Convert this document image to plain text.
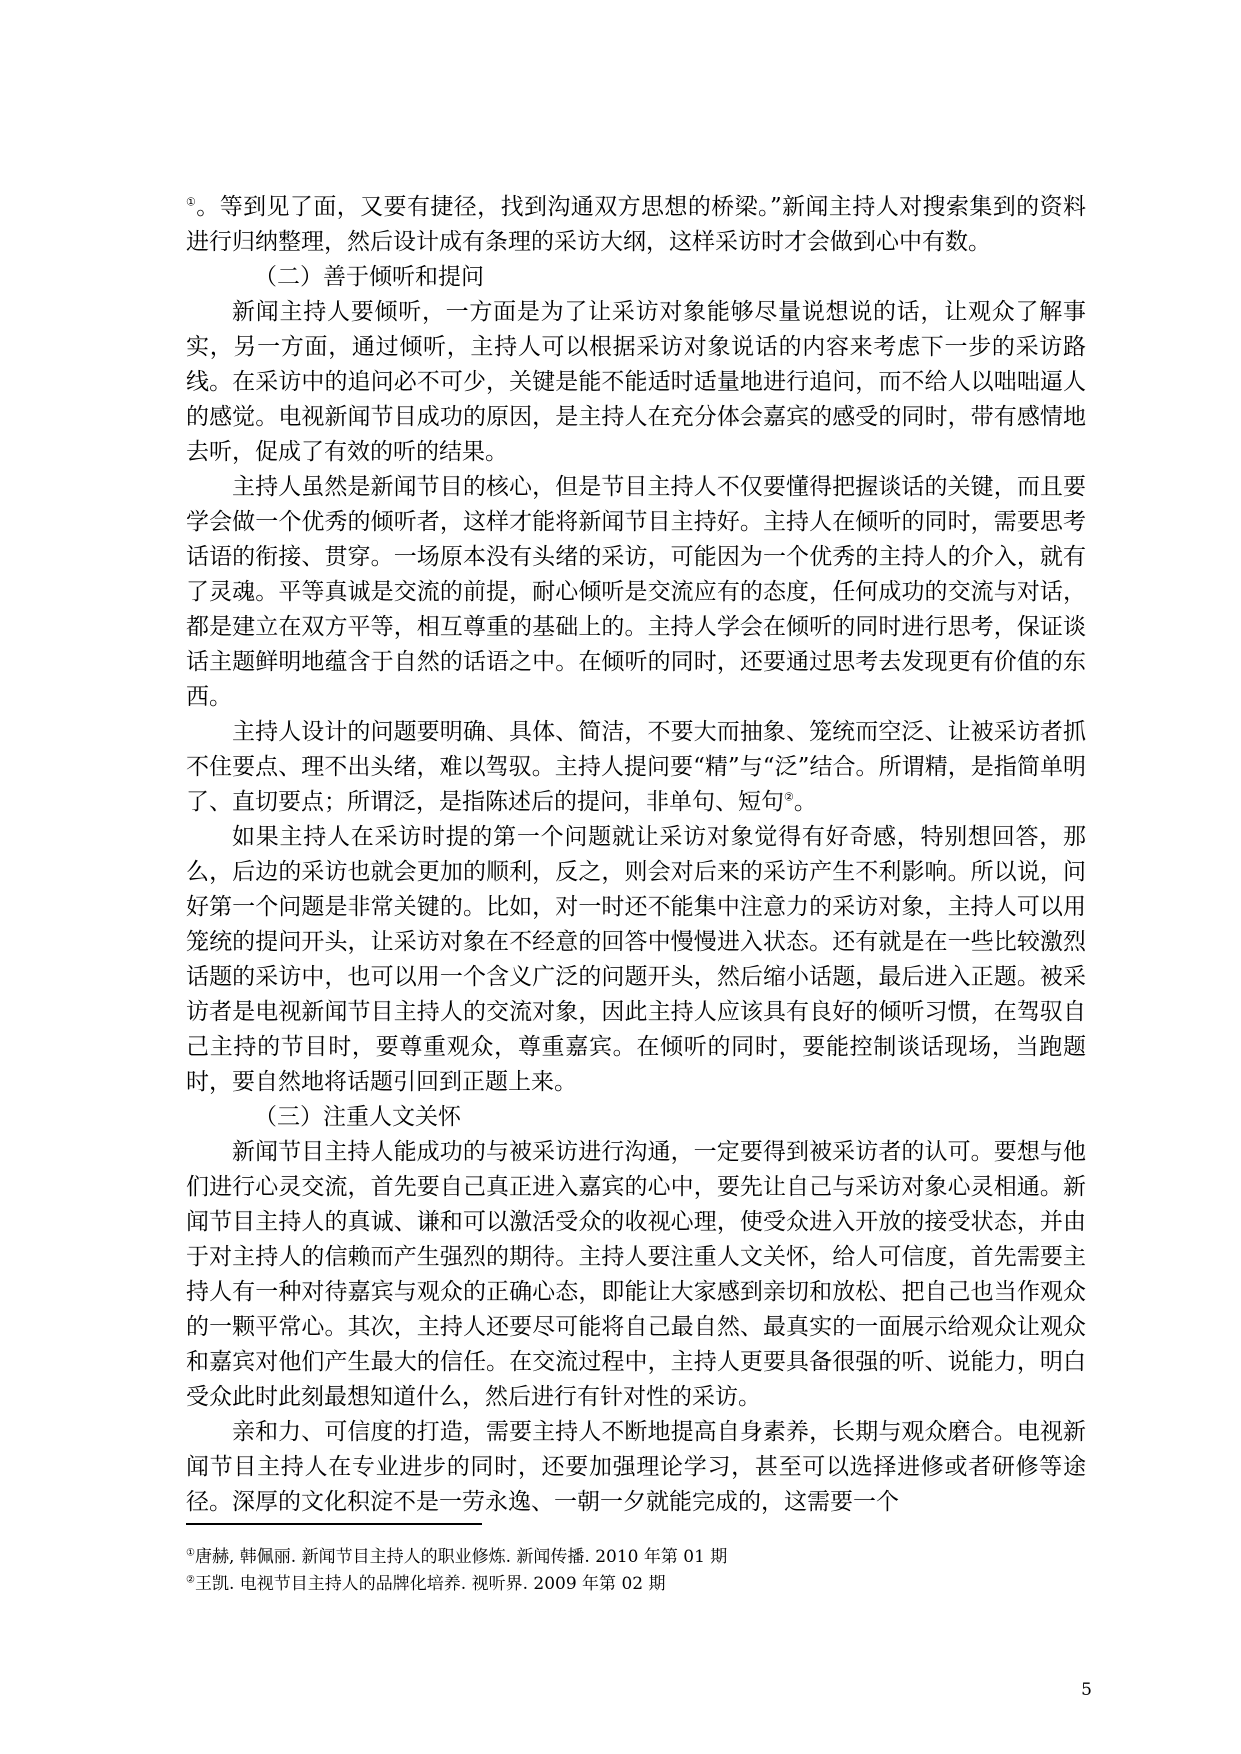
①。等到见了面，又要有捷径，找到沟通双方思想的桥梁。”新闻主持人对搜索集到的资料进行归纳整理，然后设计成有条理的采访大纲，这样采访时才会做到心中有数。

（二）善于倾听和提问

新闻主持人要倾听，一方面是为了让采访对象能够尽量说想说的话，让观众了解事实，另一方面，通过倾听，主持人可以根据采访对象说话的内容来考虑下一步的采访路线。在采访中的追问必不可少，关键是能不能适时适量地进行追问，而不给人以咄咄逼人的感觉。电视新闻节目成功的原因，是主持人在充分体会嘉宾的感受的同时，带有感情地去听，促成了有效的听的结果。

主持人虽然是新闻节目的核心，但是节目主持人不仅要懂得把握谈话的关键，而且要学会做一个优秀的倾听者，这样才能将新闻节目主持好。主持人在倾听的同时，需要思考话语的衔接、贯穿。一场原本没有头绪的采访，可能因为一个优秀的主持人的介入，就有了灵魂。平等真诚是交流的前提，耐心倾听是交流应有的态度，任何成功的交流与对话，都是建立在双方平等，相互尊重的基础上的。主持人学会在倾听的同时进行思考，保证谈话主题鲜明地蕴含于自然的话语之中。在倾听的同时，还要通过思考去发现更有价值的东西。

主持人设计的问题要明确、具体、简洁，不要大而抽象、笼统而空泛、让被采访者抓不住要点、理不出头绪，难以驾驭。主持人提问要“精”与“泛”结合。所谓精，是指简单明了、直切要点；所谓泛，是指陈述后的提问，非单句、短句②。

如果主持人在采访时提的第一个问题就让采访对象觉得有好奇感，特别想回答，那么，后边的采访也就会更加的顺利，反之，则会对后来的采访产生不利影响。所以说，问好第一个问题是非常关键的。比如，对一时还不能集中注意力的采访对象，主持人可以用笼统的提问开头，让采访对象在不经意的回答中慢慢进入状态。还有就是在一些比较激烈话题的采访中，也可以用一个含义广泛的问题开头，然后缩小话题，最后进入正题。被采访者是电视新闻节目主持人的交流对象，因此主持人应该具有良好的倾听习惯，在驾驭自己主持的节目时，要尊重观众，尊重嘉宾。在倾听的同时，要能控制谈话现场，当跑题时，要自然地将话题引回到正题上来。

（三）注重人文关怀

新闻节目主持人能成功的与被采访进行沟通，一定要得到被采访者的认可。要想与他们进行心灵交流，首先要自己真正进入嘉宾的心中，要先让自己与采访对象心灵相通。新闻节目主持人的真诚、谦和可以激活受众的收视心理，使受众进入开放的接受状态，并由于对主持人的信赖而产生强烈的期待。主持人要注重人文关怀，给人可信度，首先需要主持人有一种对待嘉宾与观众的正确心态，即能让大家感到亲切和放松、把自己也当作观众的一颗平常心。其次，主持人还要尽可能将自己最自然、最真实的一面展示给观众让观众和嘉宾对他们产生最大的信任。在交流过程中，主持人更要具备很强的听、说能力，明白受众此时此刻最想知道什么，然后进行有针对性的采访。

亲和力、可信度的打造，需要主持人不断地提高自身素养，长期与观众磨合。电视新闻节目主持人在专业进步的同时，还要加强理论学习，甚至可以选择进修或者研修等途径。深厚的文化积淀不是一劳永逸、一朝一夕就能完成的，这需要一个

①唐赫, 韩佩丽. 新闻节目主持人的职业修炼. 新闻传播. 2010 年第 01 期

②王凯. 电视节目主持人的品牌化培养. 视听界. 2009 年第 02 期

5
